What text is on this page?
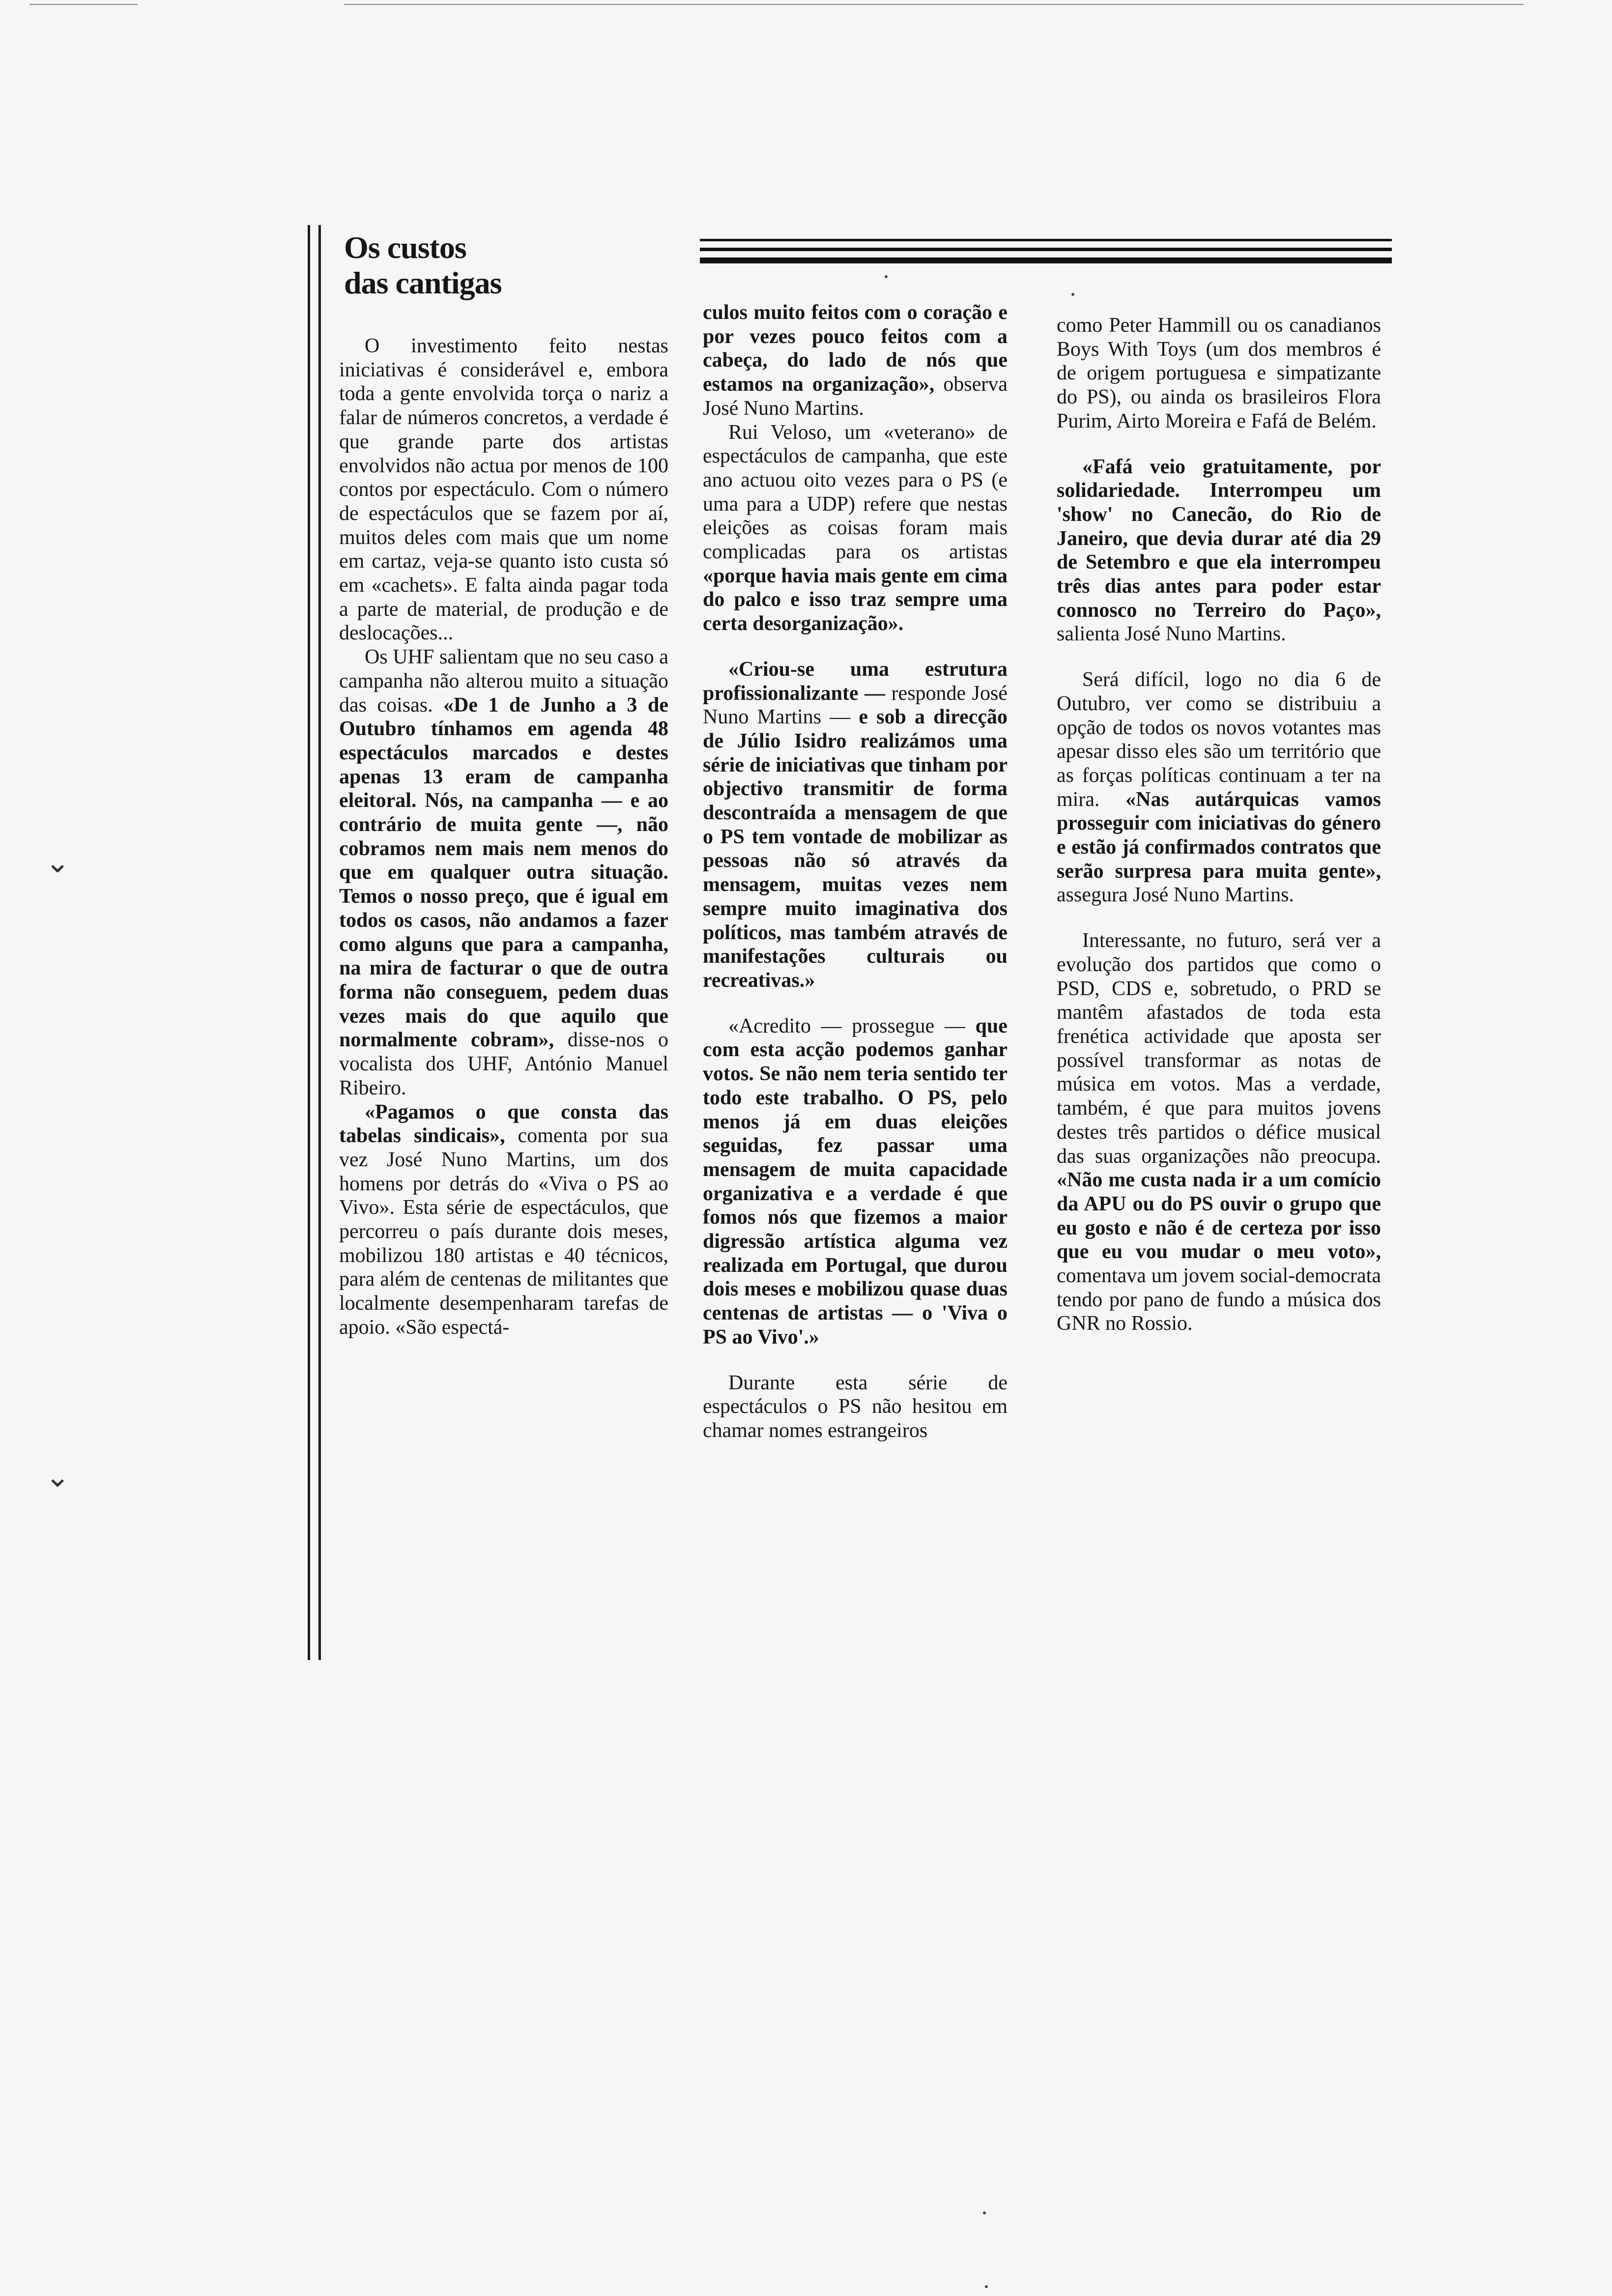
Os custos
das cantigas

O investimento feito nestas iniciativas é considerável e, embora toda a gente envolvida torça o nariz a falar de números concretos, a verdade é que grande parte dos artistas envolvidos não actua por menos de 100 contos por espectáculo. Com o número de espectáculos que se fazem por aí, muitos deles com mais que um nome em cartaz, veja-se quanto isto custa só em «cachets». E falta ainda pagar toda a parte de material, de produção e de deslocações...

Os UHF salientam que no seu caso a campanha não alterou muito a situação das coisas. «De 1 de Junho a 3 de Outubro tínhamos em agenda 48 espectáculos marcados e destes apenas 13 eram de campanha eleitoral. Nós, na campanha — e ao contrário de muita gente —, não cobramos nem mais nem menos do que em qualquer outra situação. Temos o nosso preço, que é igual em todos os casos, não andamos a fazer como alguns que para a campanha, na mira de facturar o que de outra forma não conseguem, pedem duas vezes mais do que aquilo que normalmente cobram», disse-nos o vocalista dos UHF, António Manuel Ribeiro.

«Pagamos o que consta das tabelas sindicais», comenta por sua vez José Nuno Martins, um dos homens por detrás do «Viva o PS ao Vivo». Esta série de espectáculos, que percorreu o país durante dois meses, mobilizou 180 artistas e 40 técnicos, para além de centenas de militantes que localmente desempenharam tarefas de apoio. «São espectá-

culos muito feitos com o coração e por vezes pouco feitos com a cabeça, do lado de nós que estamos na organização», observa José Nuno Martins.

Rui Veloso, um «veterano» de espectáculos de campanha, que este ano actuou oito vezes para o PS (e uma para a UDP) refere que nestas eleições as coisas foram mais complicadas para os artistas «porque havia mais gente em cima do palco e isso traz sempre uma certa desorganização».

«Criou-se uma estrutura profissionalizante — responde José Nuno Martins — e sob a direcção de Júlio Isidro realizámos uma série de iniciativas que tinham por objectivo transmitir de forma descontraída a mensagem de que o PS tem vontade de mobilizar as pessoas não só através da mensagem, muitas vezes nem sempre muito imaginativa dos políticos, mas também através de manifestações culturais ou recreativas.»

«Acredito — prossegue — que com esta acção podemos ganhar votos. Se não nem teria sentido ter todo este trabalho. O PS, pelo menos já em duas eleições seguidas, fez passar uma mensagem de muita capacidade organizativa e a verdade é que fomos nós que fizemos a maior digressão artística alguma vez realizada em Portugal, que durou dois meses e mobilizou quase duas centenas de artistas — o 'Viva o PS ao Vivo'.»

Durante esta série de espectáculos o PS não hesitou em chamar nomes estrangeiros

como Peter Hammill ou os canadianos Boys With Toys (um dos membros é de origem portuguesa e simpatizante do PS), ou ainda os brasileiros Flora Purim, Airto Moreira e Fafá de Belém.

«Fafá veio gratuitamente, por solidariedade. Interrompeu um 'show' no Canecão, do Rio de Janeiro, que devia durar até dia 29 de Setembro e que ela interrompeu três dias antes para poder estar connosco no Terreiro do Paço», salienta José Nuno Martins.

Será difícil, logo no dia 6 de Outubro, ver como se distribuiu a opção de todos os novos votantes mas apesar disso eles são um território que as forças políticas continuam a ter na mira. «Nas autárquicas vamos prosseguir com iniciativas do género e estão já confirmados contratos que serão surpresa para muita gente», assegura José Nuno Martins.

Interessante, no futuro, será ver a evolução dos partidos que como o PSD, CDS e, sobretudo, o PRD se mantêm afastados de toda esta frenética actividade que aposta ser possível transformar as notas de música em votos. Mas a verdade, também, é que para muitos jovens destes três partidos o défice musical das suas organizações não preocupa. «Não me custa nada ir a um comício da APU ou do PS ouvir o grupo que eu gosto e não é de certeza por isso que eu vou mudar o meu voto», comentava um jovem social-democrata tendo por pano de fundo a música dos GNR no Rossio.

⌄
⌄
